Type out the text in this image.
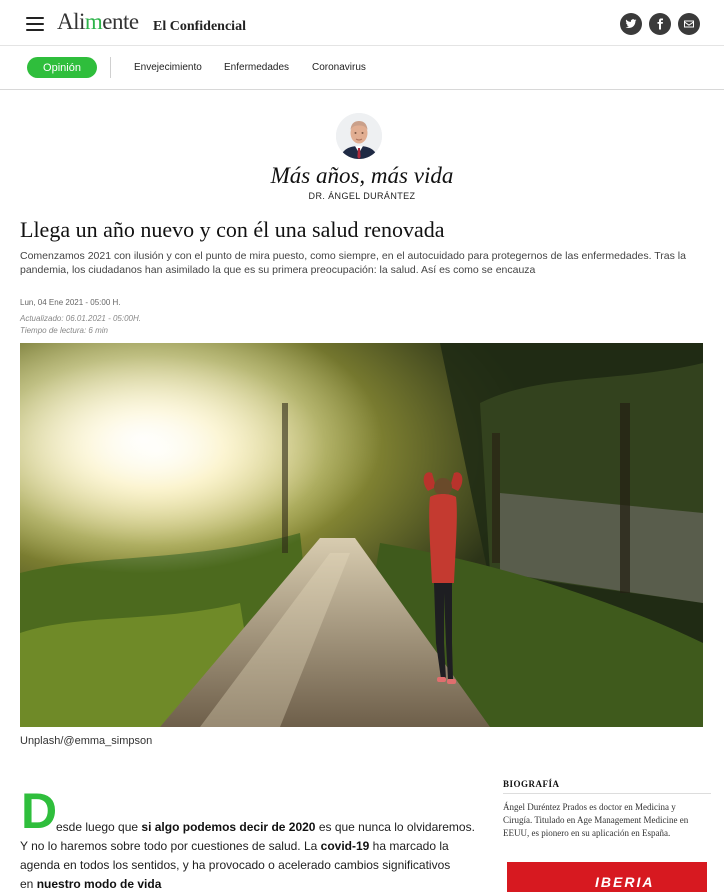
Alimente El Confidencial
Opinión	Envejecimiento Enfermedades Coronavirus
Más años, más vida
DR. ÁNGEL DURÁNTEZ
Llega un año nuevo y con él una salud renovada

Comenzamos 2021 con ilusión y con el punto de mira puesto, como siempre, en el autocuidado para protegernos de las enfermedades. Tras la pandemia, los ciudadanos han asimilado la que es su primera preocupación: la salud. Así es como se encauza

Lun, 04 Ene 2021 - 05:00 H.
Actualizado: 06.01.2021 - 05:00H.
Tiempo de lectura: 6 min
Unplash/@emma_simpson
D
esde luego que si algo podemos decir de 2020 es que nunca lo olvidaremos.
Y no lo haremos sobre todo por cuestiones de salud. La covid-19 ha marcado la
agenda en todos los sentidos, y ha provocado o acelerado cambios significativos
en nuestro modo de vida
BIOGRAFÍA
Ángel Duréntez Prados es doctor en Medicina y Cirugía. Titulado en Age Management Medicine en EEUU, es pionero en su aplicación en España.
IBERIA
